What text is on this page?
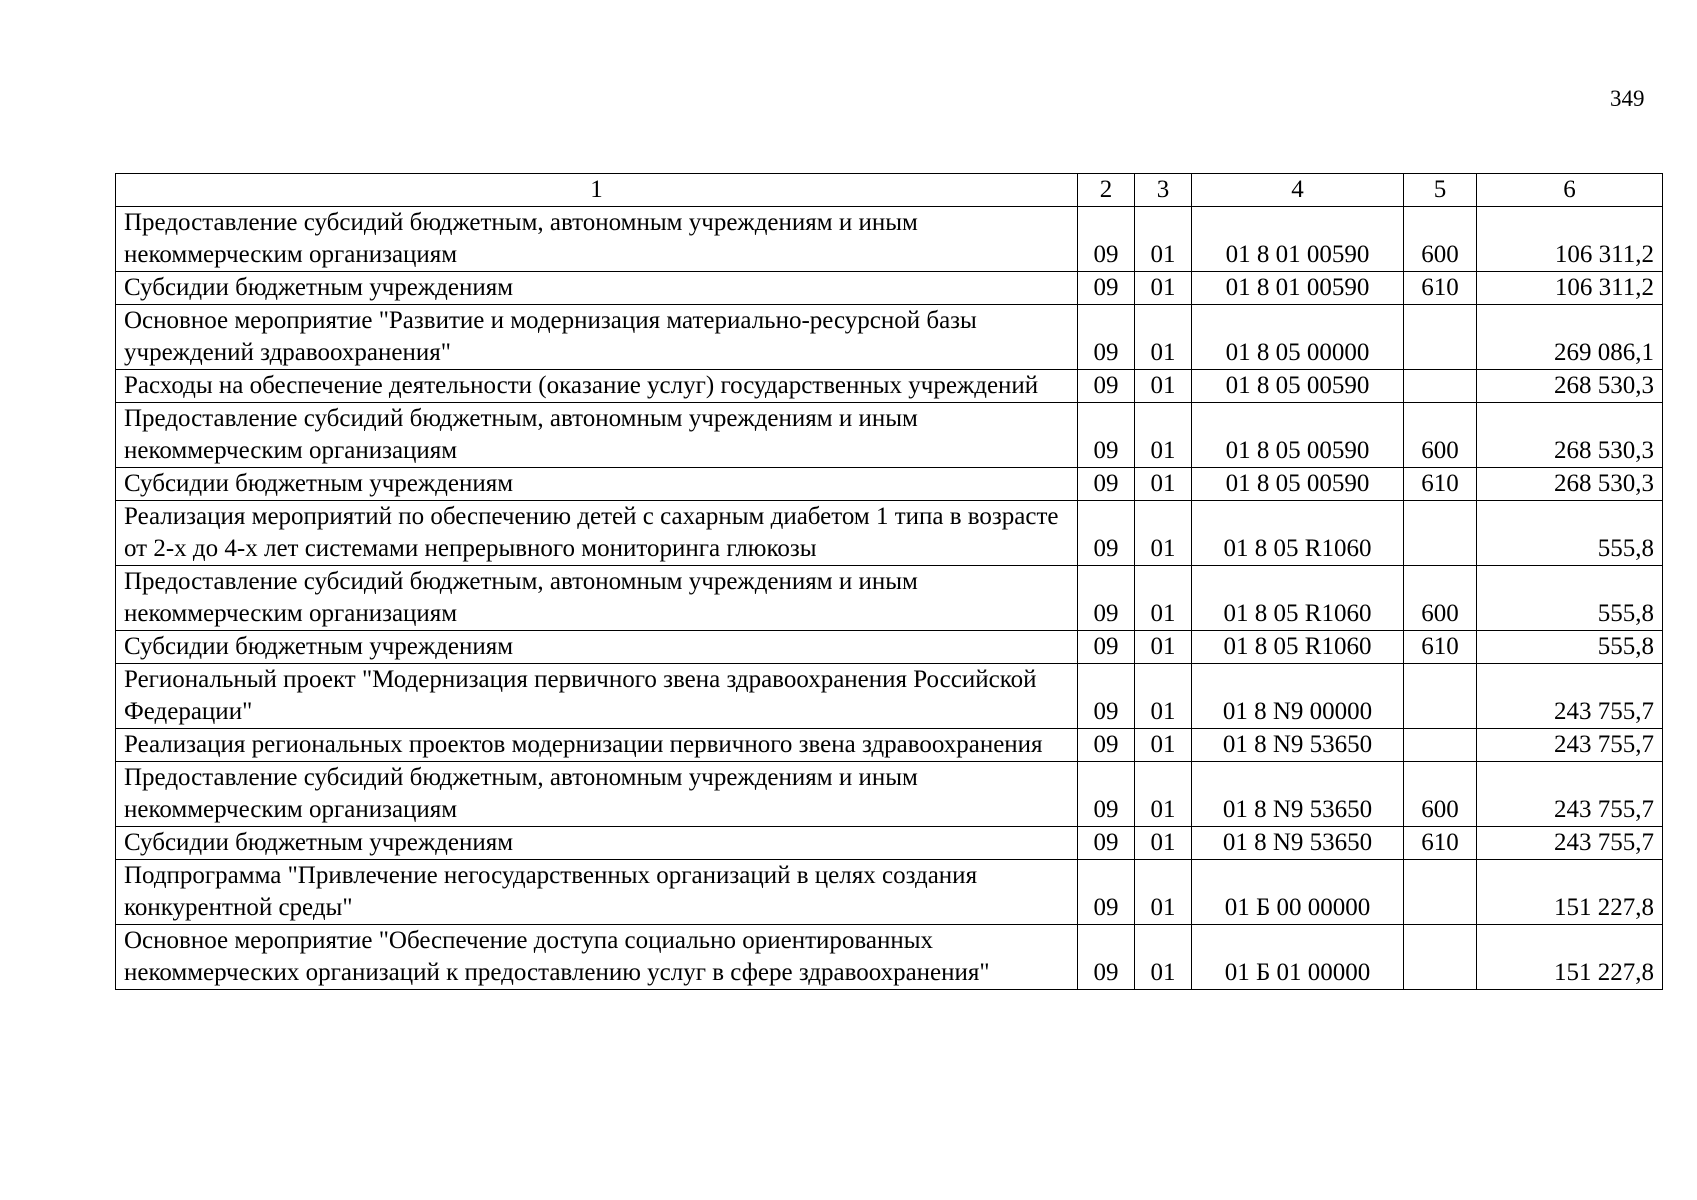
349
1	2	3	4	5	6
Предоставление субсидий бюджетным, автономным учреждениям и иным некоммерческим организациям	09	01	01 8 01 00590	600	106 311,2
Субсидии бюджетным учреждениям	09	01	01 8 01 00590	610	106 311,2
Основное мероприятие "Развитие и модернизация материально-ресурсной базы учреждений здравоохранения"	09	01	01 8 05 00000		269 086,1
Расходы на обеспечение деятельности (оказание услуг) государственных учреждений	09	01	01 8 05 00590		268 530,3
Предоставление субсидий бюджетным, автономным учреждениям и иным некоммерческим организациям	09	01	01 8 05 00590	600	268 530,3
Субсидии бюджетным учреждениям	09	01	01 8 05 00590	610	268 530,3
Реализация мероприятий по обеспечению детей с сахарным диабетом 1 типа в возрасте от 2-х до 4-х лет системами непрерывного мониторинга глюкозы	09	01	01 8 05 R1060		555,8
Предоставление субсидий бюджетным, автономным учреждениям и иным некоммерческим организациям	09	01	01 8 05 R1060	600	555,8
Субсидии бюджетным учреждениям	09	01	01 8 05 R1060	610	555,8
Региональный проект "Модернизация первичного звена здравоохранения Российской Федерации"	09	01	01 8 N9 00000		243 755,7
Реализация региональных проектов модернизации первичного звена здравоохранения	09	01	01 8 N9 53650		243 755,7
Предоставление субсидий бюджетным, автономным учреждениям и иным некоммерческим организациям	09	01	01 8 N9 53650	600	243 755,7
Субсидии бюджетным учреждениям	09	01	01 8 N9 53650	610	243 755,7
Подпрограмма "Привлечение негосударственных организаций в целях создания конкурентной среды"	09	01	01 Б 00 00000		151 227,8
Основное мероприятие "Обеспечение доступа социально ориентированных некоммерческих организаций к предоставлению услуг в сфере здравоохранения"	09	01	01 Б 01 00000		151 227,8
